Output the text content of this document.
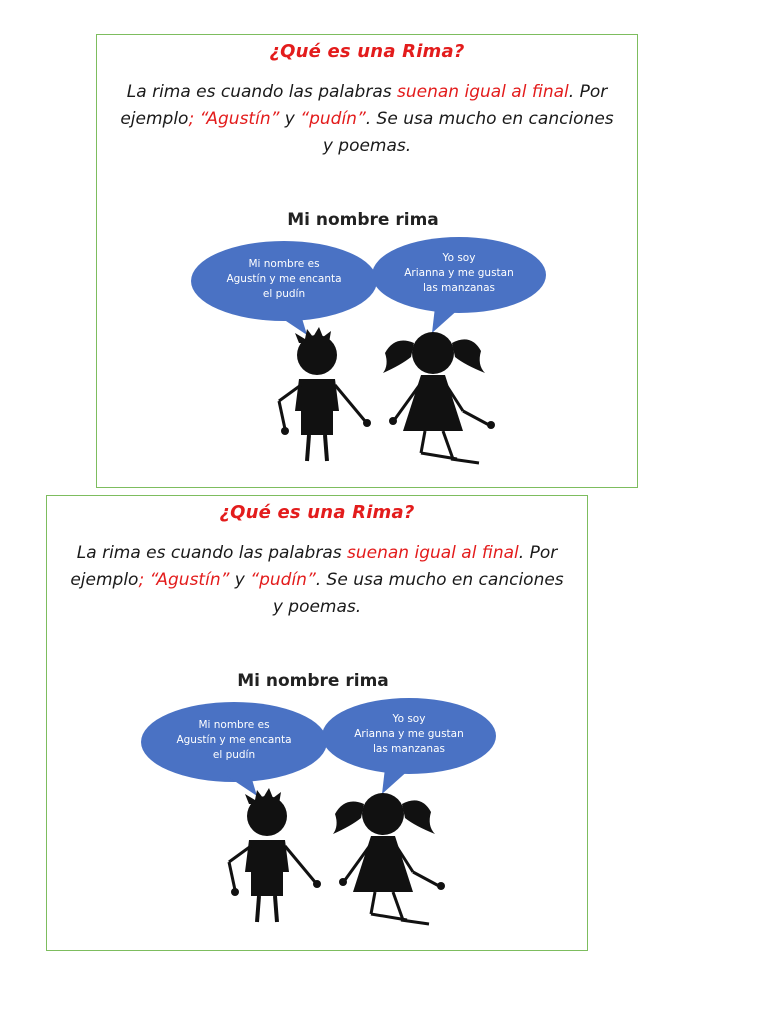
¿Qué es una Rima?

La rima es cuando las palabras suenan igual al final. Por ejemplo; “Agustín” y “pudín”. Se usa mucho en canciones y poemas.

Mi nombre rima
Mi nombre es
Agustín y me encanta
el pudín
Yo soy
Arianna y me gustan
las manzanas

¿Qué es una Rima?

La rima es cuando las palabras suenan igual al final. Por ejemplo; “Agustín” y “pudín”. Se usa mucho en canciones y poemas.

Mi nombre rima
Mi nombre es
Agustín y me encanta
el pudín
Yo soy
Arianna y me gustan
las manzanas
